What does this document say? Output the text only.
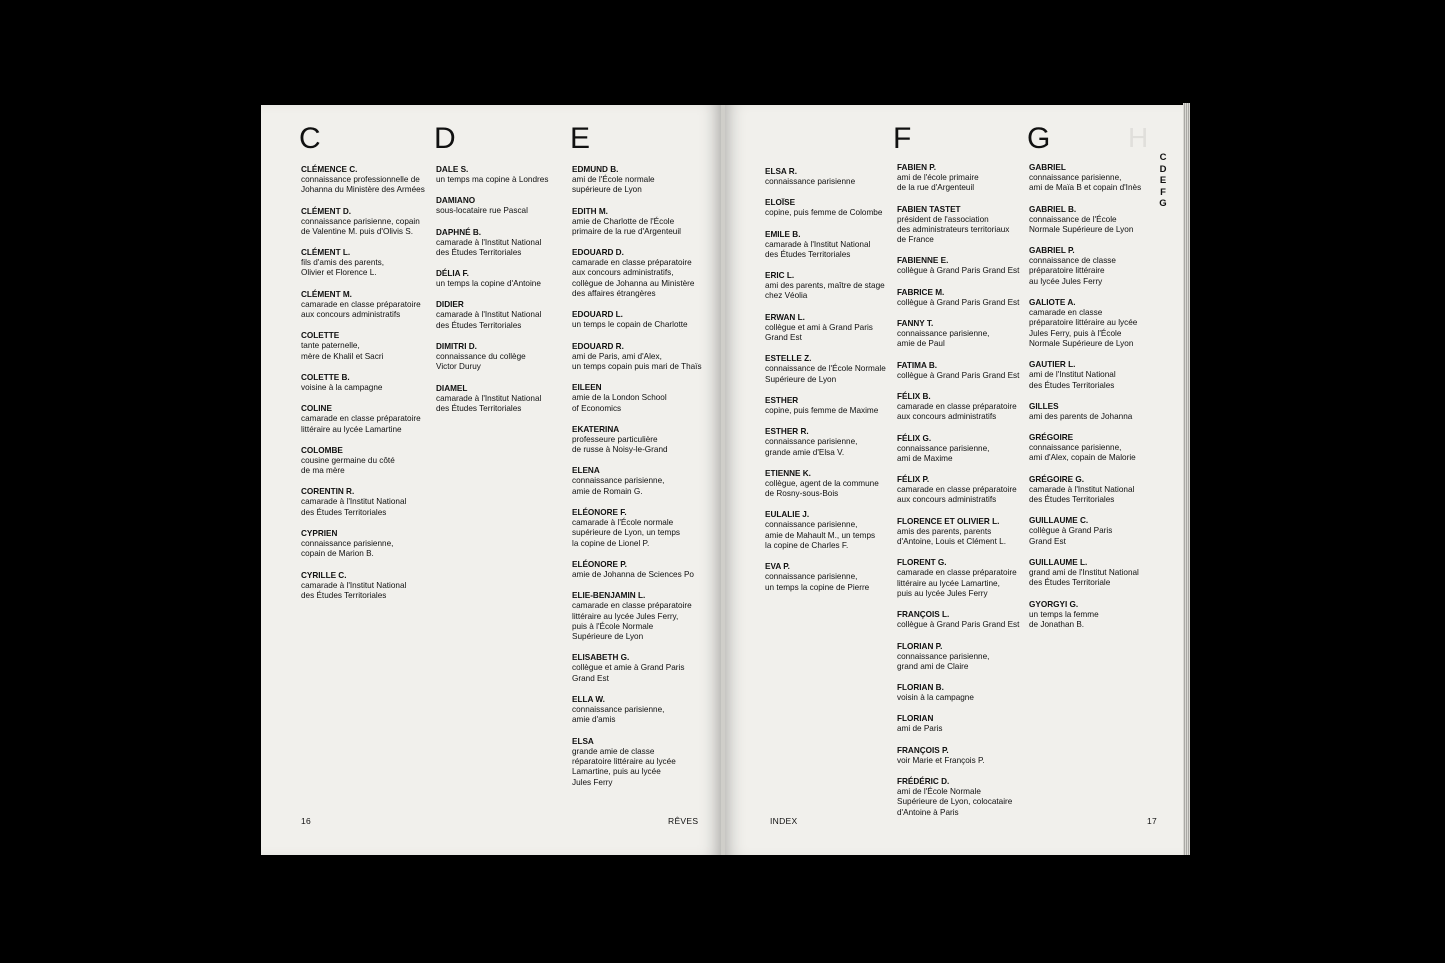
C	D	E	F	G	H
CLÉMENCE C.
connaissance professionnelle de
Johanna du Ministère des Armées
CLÉMENT D.
connaissance parisienne, copain
de Valentine M. puis d'Olivis S.
CLÉMENT L.
fils d'amis des parents,
Olivier et Florence L.
CLÉMENT M.
camarade en classe préparatoire
aux concours administratifs
COLETTE
tante paternelle,
mère de Khalil et Sacri
COLETTE B.
voisine à la campagne
COLINE
camarade en classe préparatoire
littéraire au lycée Lamartine
COLOMBE
cousine germaine du côté
de ma mère
CORENTIN R.
camarade à l'Institut National
des Études Territoriales
CYPRIEN
connaissance parisienne,
copain de Marion B.
CYRILLE C.
camarade à l'Institut National
des Études Territoriales
DALE S.
un temps ma copine à Londres
DAMIANO
sous-locataire rue Pascal
DAPHNÉ B.
camarade à l'Institut National
des Études Territoriales
DÉLIA F.
un temps la copine d'Antoine
DIDIER
camarade à l'Institut National
des Études Territoriales
DIMITRI D.
connaissance du collège
Victor Duruy
DIAMEL
camarade à l'Institut National
des Études Territoriales
EDMUND B.
ami de l'École normale
supérieure de Lyon
EDITH M.
amie de Charlotte de l'École
primaire de la rue d'Argenteuil
EDOUARD D.
camarade en classe préparatoire
aux concours administratifs,
collègue de Johanna au Ministère
des affaires étrangères
EDOUARD L.
un temps le copain de Charlotte
EDOUARD R.
ami de Paris, ami d'Alex,
un temps copain puis mari de Thaïs
EILEEN
amie de la London School
of Economics
EKATERINA
professeure particulière
de russe à Noisy-le-Grand
ELENA
connaissance parisienne,
amie de Romain G.
ELÉONORE F.
camarade à l'École normale
supérieure de Lyon, un temps
la copine de Lionel P.
ELÉONORE P.
amie de Johanna de Sciences Po
ELIE-BENJAMIN L.
camarade en classe préparatoire
littéraire au lycée Jules Ferry,
puis à l'École Normale
Supérieure de Lyon
ELISABETH G.
collègue et amie à Grand Paris
Grand Est
ELLA W.
connaissance parisienne,
amie d'amis
ELSA
grande amie de classe
réparatoire littéraire au lycée
Lamartine, puis au lycée
Jules Ferry
ELSA R.
connaissance parisienne
ELOÏSE
copine, puis femme de Colombe
EMILE B.
camarade à l'Institut National
des Études Territoriales
ERIC L.
ami des parents, maître de stage
chez Véolia
ERWAN L.
collègue et ami à Grand Paris
Grand Est
ESTELLE Z.
connaissance de l'École Normale
Supérieure de Lyon
ESTHER
copine, puis femme de Maxime
ESTHER R.
connaissance parisienne,
grande amie d'Elsa V.
ETIENNE K.
collègue, agent de la commune
de Rosny-sous-Bois
EULALIE J.
connaissance parisienne,
amie de Mahault M., un temps
la copine de Charles F.
EVA P.
connaissance parisienne,
un temps la copine de Pierre
FABIEN P.
ami de l'école primaire
de la rue d'Argenteuil
FABIEN TASTET
président de l'association
des administrateurs territoriaux
de France
FABIENNE E.
collègue à Grand Paris Grand Est
FABRICE M.
collègue à Grand Paris Grand Est
FANNY T.
connaissance parisienne,
amie de Paul
FATIMA B.
collègue à Grand Paris Grand Est
FÉLIX B.
camarade en classe préparatoire
aux concours administratifs
FÉLIX G.
connaissance parisienne,
ami de Maxime
FÉLIX P.
camarade en classe préparatoire
aux concours administratifs
FLORENCE ET OLIVIER L.
amis des parents, parents
d'Antoine, Louis et Clément L.
FLORENT G.
camarade en classe préparatoire
littéraire au lycée Lamartine,
puis au lycée Jules Ferry
FRANÇOIS L.
collègue à Grand Paris Grand Est
FLORIAN P.
connaissance parisienne,
grand ami de Claire
FLORIAN B.
voisin à la campagne
FLORIAN
ami de Paris
FRANÇOIS P.
voir Marie et François P.
FRÉDÉRIC D.
ami de l'École Normale
Supérieure de Lyon, colocataire
d'Antoine à Paris
GABRIEL
connaissance parisienne,
ami de Maïa B et copain d'Inès
GABRIEL B.
connaissance de l'École
Normale Supérieure de Lyon
GABRIEL P.
connaissance de classe
préparatoire littéraire
au lycée Jules Ferry
GALIOTE A.
camarade en classe
préparatoire littéraire au lycée
Jules Ferry, puis à l'École
Normale Supérieure de Lyon
GAUTIER L.
ami de l'Institut National
des Études Territoriales
GILLES
ami des parents de Johanna
GRÉGOIRE
connaissance parisienne,
ami d'Alex, copain de Malorie
GRÉGOIRE G.
camarade à l'Institut National
des Études Territoriales
GUILLAUME C.
collègue à Grand Paris
Grand Est
GUILLAUME L.
grand ami de l'Institut National
des Études Territoriale
GYORGYI G.
un temps la femme
de Jonathan B.
C
D
E
F
G
16	RÊVES	INDEX	17
